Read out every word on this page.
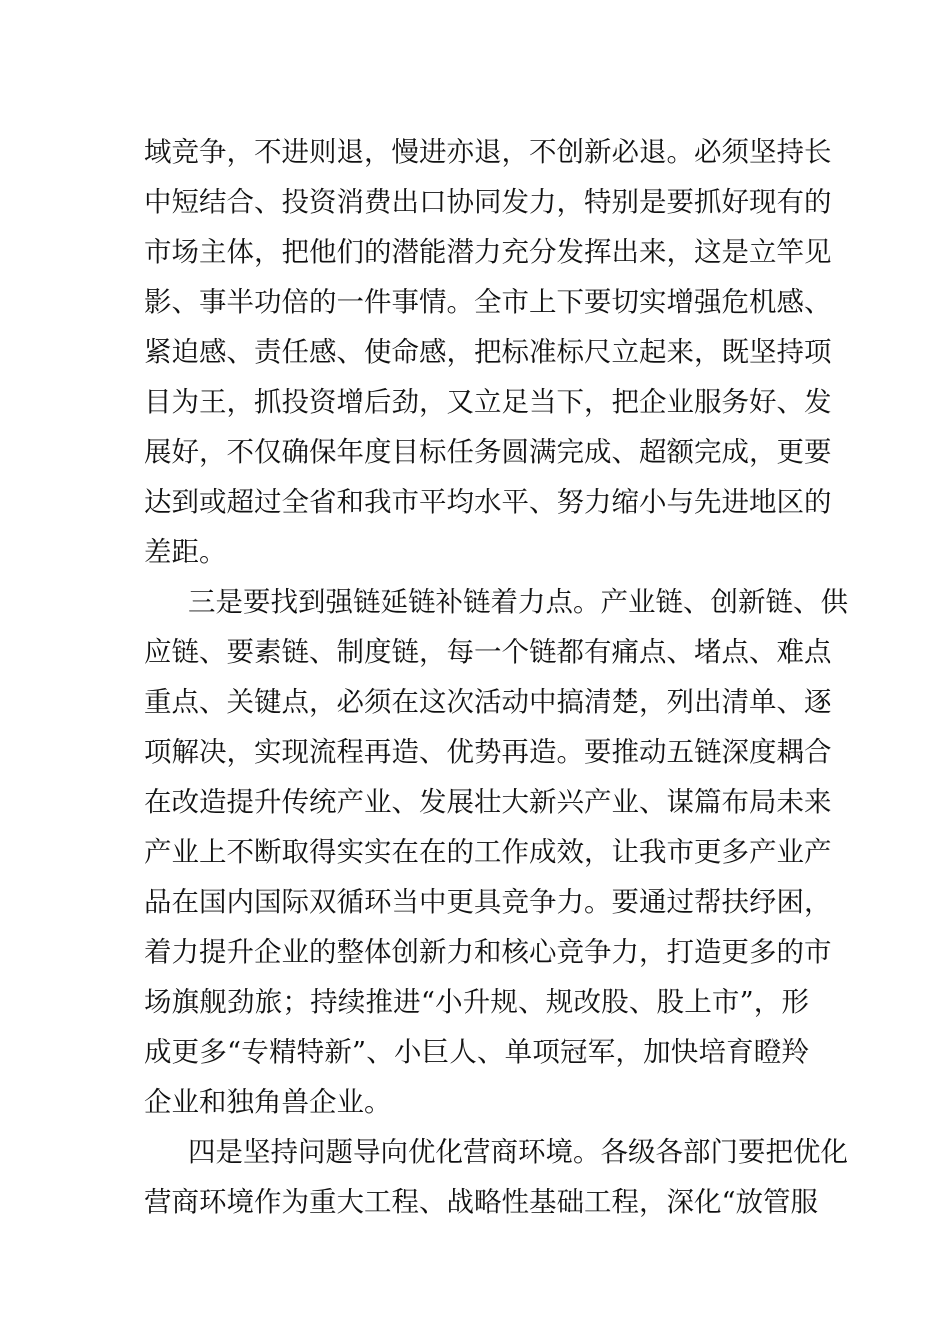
域竞争，不进则退，慢进亦退，不创新必退。必须坚持长
中短结合、投资消费出口协同发力，特别是要抓好现有的
市场主体，把他们的潜能潜力充分发挥出来，这是立竿见
影、事半功倍的一件事情。全市上下要切实增强危机感、
紧迫感、责任感、使命感，把标准标尺立起来，既坚持项
目为王，抓投资增后劲，又立足当下，把企业服务好、发
展好，不仅确保年度目标任务圆满完成、超额完成，更要
达到或超过全省和我市平均水平、努力缩小与先进地区的
差距。
三是要找到强链延链补链着力点。产业链、创新链、供
应链、要素链、制度链，每一个链都有痛点、堵点、难点
重点、关键点，必须在这次活动中搞清楚，列出清单、逐
项解决，实现流程再造、优势再造。要推动五链深度耦合
在改造提升传统产业、发展壮大新兴产业、谋篇布局未来
产业上不断取得实实在在的工作成效，让我市更多产业产
品在国内国际双循环当中更具竞争力。要通过帮扶纾困，
着力提升企业的整体创新力和核心竞争力，打造更多的市
场旗舰劲旅；持续推进“小升规、规改股、股上市”，形
成更多“专精特新”、小巨人、单项冠军，加快培育瞪羚
企业和独角兽企业。
四是坚持问题导向优化营商环境。各级各部门要把优化
营商环境作为重大工程、战略性基础工程，深化“放管服
